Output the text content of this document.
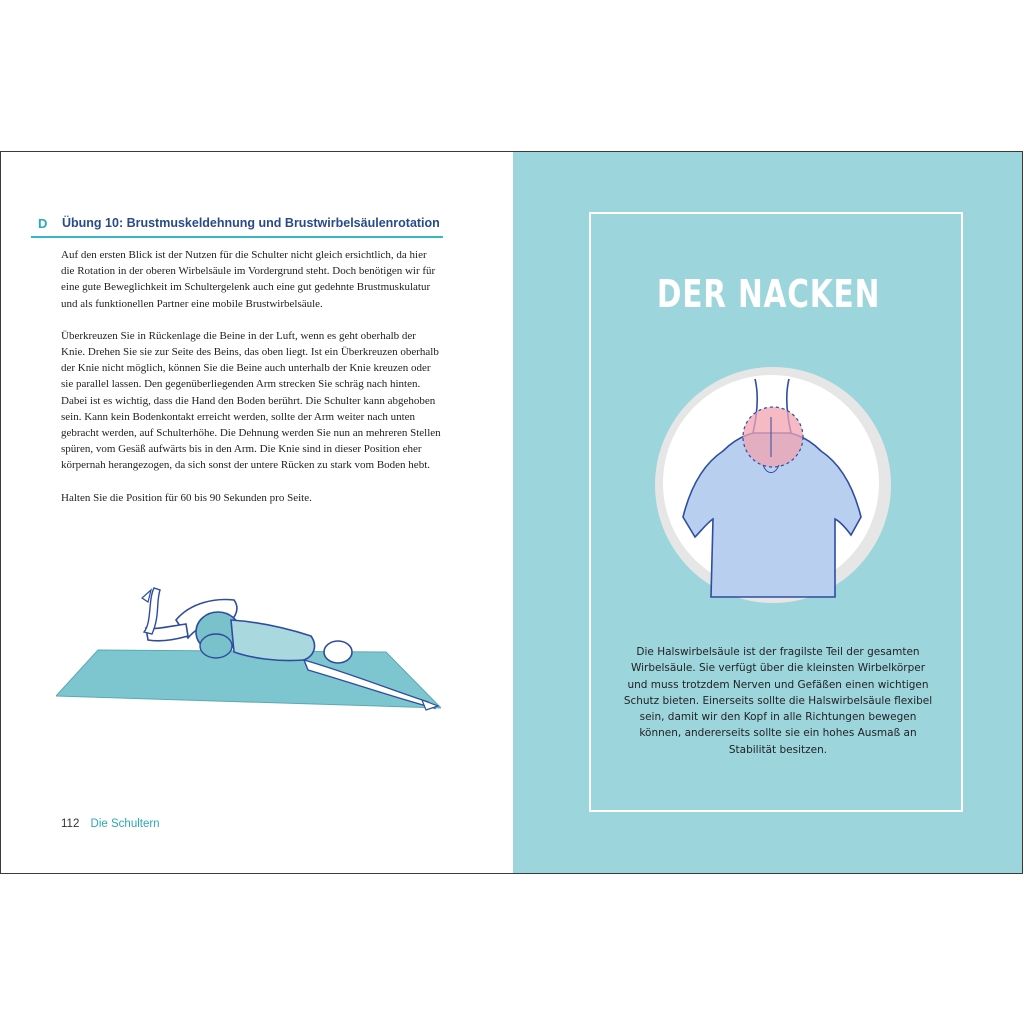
D Übung 10: Brustmuskeldehnung und Brustwirbelsäulenrotation

Auf den ersten Blick ist der Nutzen für die Schulter nicht gleich ersichtlich, da hier die Rotation in der oberen Wirbelsäule im Vordergrund steht. Doch benötigen wir für eine gute Beweglichkeit im Schultergelenk auch eine gut gedehnte Brustmuskulatur und als funktionellen Partner eine mobile Brustwirbelsäule.

Überkreuzen Sie in Rückenlage die Beine in der Luft, wenn es geht oberhalb der Knie. Drehen Sie sie zur Seite des Beins, das oben liegt. Ist ein Überkreuzen oberhalb der Knie nicht möglich, können Sie die Beine auch unterhalb der Knie kreuzen oder sie parallel lassen. Den gegenüberliegenden Arm strecken Sie schräg nach hinten. Dabei ist es wichtig, dass die Hand den Boden berührt. Die Schulter kann abgehoben sein. Kann kein Bodenkontakt erreicht werden, sollte der Arm weiter nach unten gebracht werden, auf Schulterhöhe. Die Dehnung werden Sie nun an mehreren Stellen spüren, vom Gesäß aufwärts bis in den Arm. Die Knie sind in dieser Position eher körpernah herangezogen, da sich sonst der untere Rücken zu stark vom Boden hebt.

Halten Sie die Position für 60 bis 90 Sekunden pro Seite.

112 Die Schultern
DER NACKEN
Die Halswirbelsäule ist der fragilste Teil der gesamten Wirbelsäule. Sie verfügt über die kleinsten Wirbelkörper und muss trotzdem Nerven und Gefäßen einen wichtigen Schutz bieten. Einerseits sollte die Halswirbelsäule flexibel sein, damit wir den Kopf in alle Richtungen bewegen können, andererseits sollte sie ein hohes Ausmaß an Stabilität besitzen.
